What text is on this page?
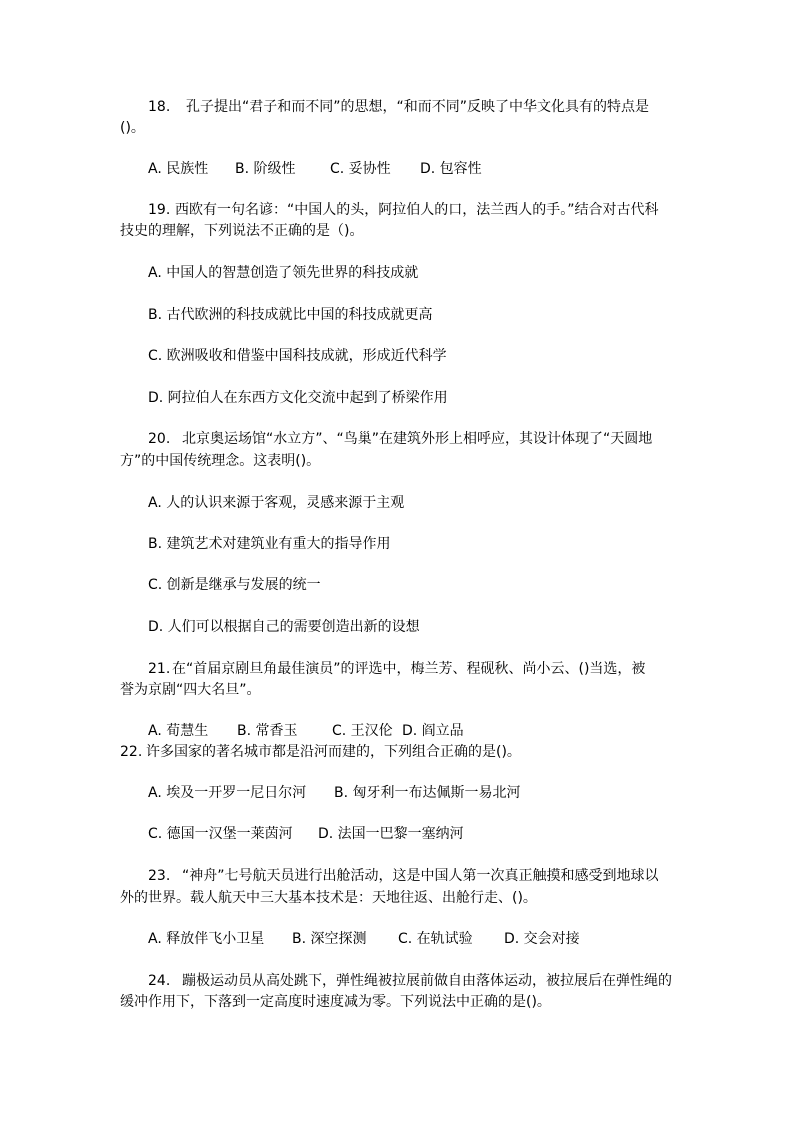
18. 孔子提出“君子和而不同”的思想，“和而不同”反映了中华文化具有的特点是
()。
A. 民族性 B. 阶级性 C. 妥协性 D. 包容性
19. 西欧有一句名谚：“中国人的头，阿拉伯人的口，法兰西人的手。”结合对古代科
技史的理解，下列说法不正确的是（)。
A. 中国人的智慧创造了领先世界的科技成就
B. 古代欧洲的科技成就比中国的科技成就更高
C. 欧洲吸收和借鉴中国科技成就，形成近代科学
D. 阿拉伯人在东西方文化交流中起到了桥梁作用
20. 北京奥运场馆“水立方”、“鸟巢”在建筑外形上相呼应，其设计体现了“天圆地
方”的中国传统理念。这表明()。
A. 人的认识来源于客观，灵感来源于主观
B. 建筑艺术对建筑业有重大的指导作用
C. 创新是继承与发展的统一
D. 人们可以根据自己的需要创造出新的设想
21. 在“首届京剧旦角最佳演员”的评选中，梅兰芳、程砚秋、尚小云、()当选，被
誉为京剧“四大名旦”。
A. 荀慧生 B. 常香玉 C. 王汉伦 D. 阎立品
22. 许多国家的著名城市都是沿河而建的，下列组合正确的是()。
A. 埃及一开罗一尼日尔河 B. 匈牙利一布达佩斯一易北河
C. 德国一汉堡一莱茵河 D. 法国一巴黎一塞纳河
23. “神舟”七号航天员进行出舱活动，这是中国人第一次真正触摸和感受到地球以
外的世界。载人航天中三大基本技术是：天地往返、出舱行走、()。
A. 释放伴飞小卫星 B. 深空探测 C. 在轨试验 D. 交会对接
24. 蹦极运动员从高处跳下，弹性绳被拉展前做自由落体运动，被拉展后在弹性绳的
缓冲作用下，下落到一定高度时速度减为零。下列说法中正确的是()。
